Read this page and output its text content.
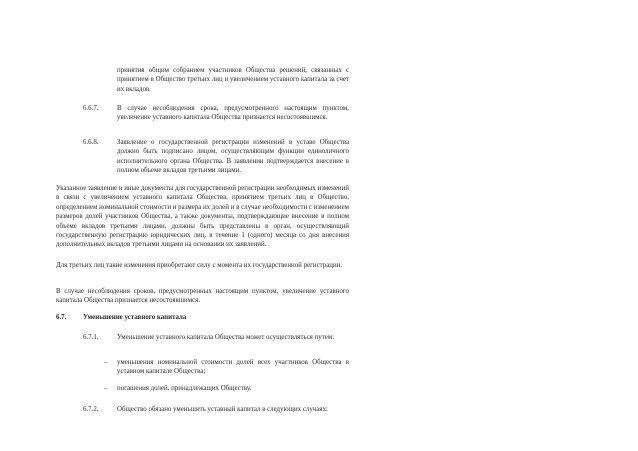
принятия общим собранием участников Общества решений, связанных с принятием в Общество третьих лиц и увеличением уставного капитала за счет их вкладов.

6.6.7.	В случае несоблюдения срока, предусмотренного настоящим пунктом, увеличение уставного капитала Общества признается несостоявшимся.

6.6.8.	Заявление о государственной регистрации изменений в уставе Общества должно быть подписано лицом, осуществляющим функции единоличного исполнительного органа Общества. В заявлении подтверждается внесение в полном объеме вкладов третьими лицами.

Указанное заявление и иные документы для государственной регистрации необходимых изменений в связи с увеличением уставного капитала Общества, принятием третьих лиц в Общество, определением номинальной стоимости и размера их долей и в случае необходимости с изменением размеров долей участников Общества, а также документы, подтверждающие внесение в полном объеме вкладов третьими лицами, должны быть представлены в орган, осуществляющий государственную регистрацию юридических лиц, в течение 1 (одного) месяца со дня внесения дополнительных вкладов третьими лицами на основании их заявлений.

Для третьих лиц такие изменения приобретают силу с момента их государственной регистрации.

В случае несоблюдения сроков, предусмотренных настоящим пунктом, увеличение уставного капитала Общества признается несостоявшимся.

6.7. Уменьшение уставного капитала

6.7.1.	Уменьшение уставного капитала Общества может осуществляться путем:

– уменьшения номинальной стоимости долей всех участников Общества в уставном капитале Общества;

– погашения долей, принадлежащих Обществу.

6.7.2.	Общество обязано уменьшить уставный капитал в следующих случаях:
